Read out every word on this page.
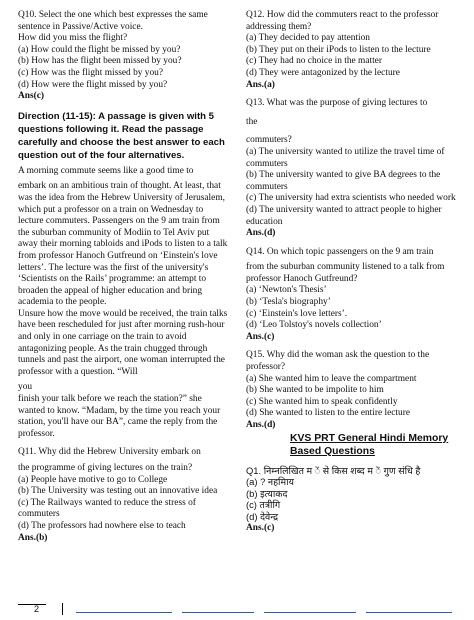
Q10. Select the one which best expresses the same sentence in Passive/Active voice.

How did you miss the flight?

(a) How could the flight be missed by you?

(b) How has the flight been missed by you?

(c) How was the flight missed by you?

(d) How were the flight missed by you?

Ans(c)

Direction (11-15): A passage is given with 5 questions following it. Read the passage carefully and choose the best answer to each question out of the four alternatives.

A morning commute seems like a good time to

embark on an ambitious train of thought. At least, that was the idea from the Hebrew University of Jerusalem, which put a professor on a train on Wednesday to lecture commuters. Passengers on the 9 am train from the suburban community of Modiin to Tel Aviv put away their morning tabloids and iPods to listen to a talk from professor Hanoch Gutfreund on ‘Einstein's love letters’. The lecture was the first of the university's ‘Scientists on the Rails’ programme: an attempt to broaden the appeal of higher education and bring academia to the people.

Unsure how the move would be received, the train talks have been rescheduled for just after morning rush-hour and only in one carriage on the train to avoid antagonizing people. As the train chugged through tunnels and past the airport, one woman interrupted the professor with a question. “Will

you

finish your talk before we reach the station?” she wanted to know. “Madam, by the time you reach your station, you'll have our BA”, came the reply from the professor.

Q11. Why did the Hebrew University embark on

the programme of giving lectures on the train?

(a) People have motive to go to College

(b) The University was testing out an innovative idea

(c) The Railways wanted to reduce the stress of commuters

(d) The professors had nowhere else to teach

Ans.(b)

Q12. How did the commuters react to the professor addressing them?

(a) They decided to pay attention

(b) They put on their iPods to listen to the lecture

(c) They had no choice in the matter

(d) They were antagonized by the lecture

Ans.(a)

Q13. What was the purpose of giving lectures to

the

commuters?

(a) The university wanted to utilize the travel time of commuters

(b) The university wanted to give BA degrees to the commuters

(c) The university had extra scientists who needed work

(d) The university wanted to attract people to higher education

Ans.(d)

Q14. On which topic passengers on the 9 am train

from the suburban community listened to a talk from professor Hanoch Gutfreund?

(a) ‘Newton's Thesis’

(b) ‘Tesla's biography’

(c) ‘Einstein's love letters’.

(d) ‘Leo Tolstoy's novels collection’

Ans.(c)

Q15. Why did the woman ask the question to the

professor?

(a) She wanted him to leave the compartment

(b) She wanted to be impolite to him

(c) She wanted him to speak confidently

(d) She wanted to listen to the entire lecture

Ans.(d)

KVS PRT General Hindi Memory

Based Questions

Q1. निम्नलिखित म ें से किस शब्द म ें गुण संधि है

(a) ? नहमिाय

(b) इत्याकद

(c) तत्रीगि

(d) देवेन्द्र

Ans.(c)

2
